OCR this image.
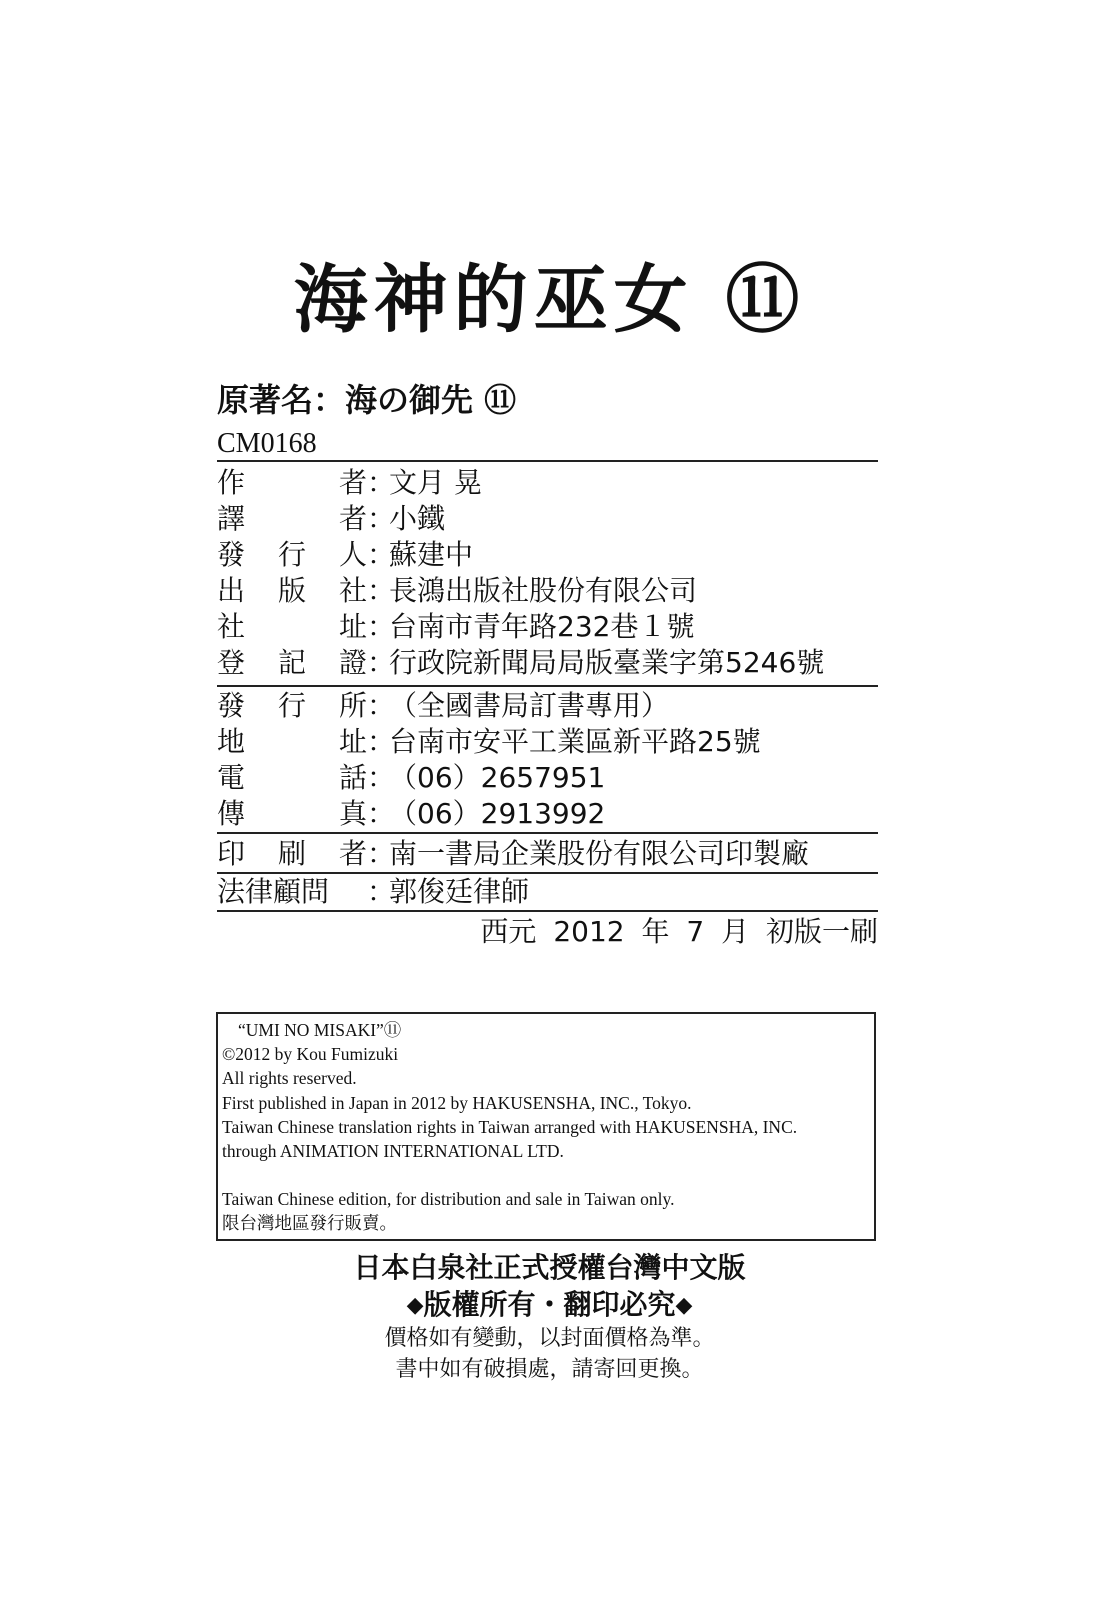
海神的巫女 ⑪
原著名：海の御先 ⑪
CM0168
作	者 ：
文月 晃
譯	者 ：
小鐵
發 行 人 ：
蘇建中
出 版 社 ：
長鴻出版社股份有限公司
社	址 ：
台南市青年路232巷１號
登 記 證 ：
行政院新聞局局版臺業字第5246號
發 行 所 ：
（全國書局訂書專用）
地	址 ：
台南市安平工業區新平路25號
電	話 ：
（06）2657951
傳	真 ：
（06）2913992
印 刷 者 ：
南一書局企業股份有限公司印製廠
法律顧問 ：
郭俊廷律師
西元 2012 年 7 月 初版一刷
“UMI NO MISAKI”⑪
©2012 by Kou Fumizuki
All rights reserved.
First published in Japan in 2012 by HAKUSENSHA, INC., Tokyo.
Taiwan Chinese translation rights in Taiwan arranged with HAKUSENSHA, INC.
through ANIMATION INTERNATIONAL LTD.
Taiwan Chinese edition, for distribution and sale in Taiwan only.
限台灣地區發行販賣。
日本白泉社正式授權台灣中文版
◆版權所有・翻印必究◆
價格如有變動，以封面價格為準。
書中如有破損處，請寄回更換。
